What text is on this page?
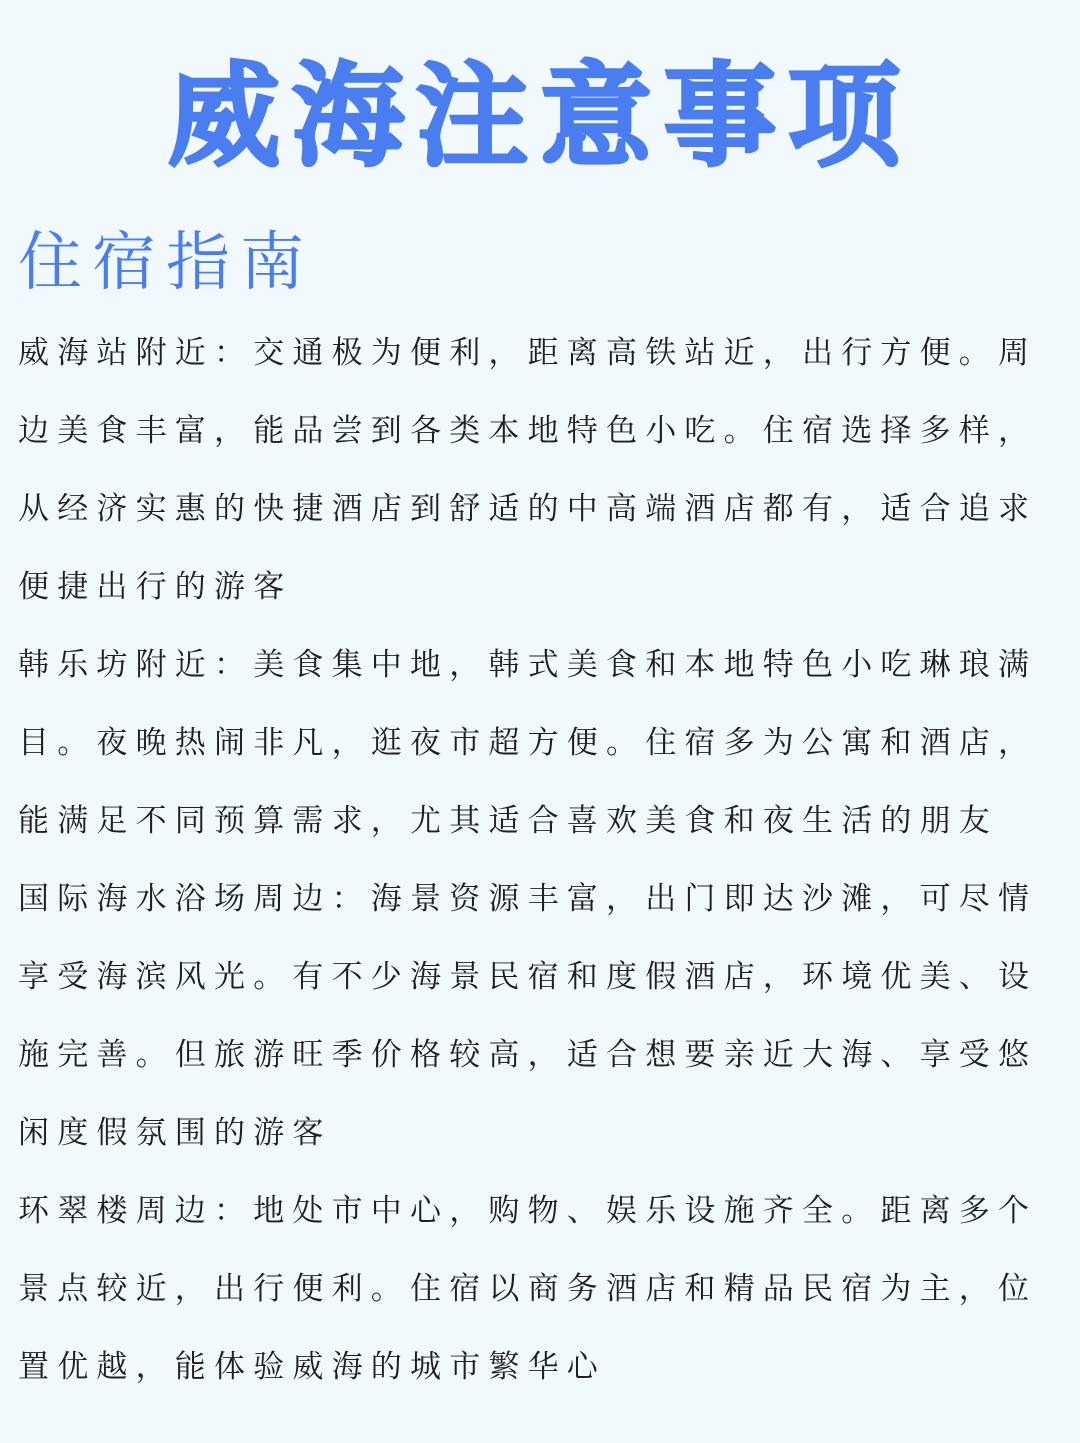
威海注意事项
住宿指南

威海站附近：交通极为便利，距离高铁站近，出行方便。周边美食丰富，能品尝到各类本地特色小吃。住宿选择多样，从经济实惠的快捷酒店到舒适的中高端酒店都有，适合追求便捷出行的游客

韩乐坊附近：美食集中地，韩式美食和本地特色小吃琳琅满目。夜晚热闹非凡，逛夜市超方便。住宿多为公寓和酒店，能满足不同预算需求，尤其适合喜欢美食和夜生活的朋友

国际海水浴场周边：海景资源丰富，出门即达沙滩，可尽情享受海滨风光。有不少海景民宿和度假酒店，环境优美、设施完善。但旅游旺季价格较高，适合想要亲近大海、享受悠闲度假氛围的游客

环翠楼周边：地处市中心，购物、娱乐设施齐全。距离多个景点较近，出行便利。住宿以商务酒店和精品民宿为主，位置优越，能体验威海的城市繁华心
